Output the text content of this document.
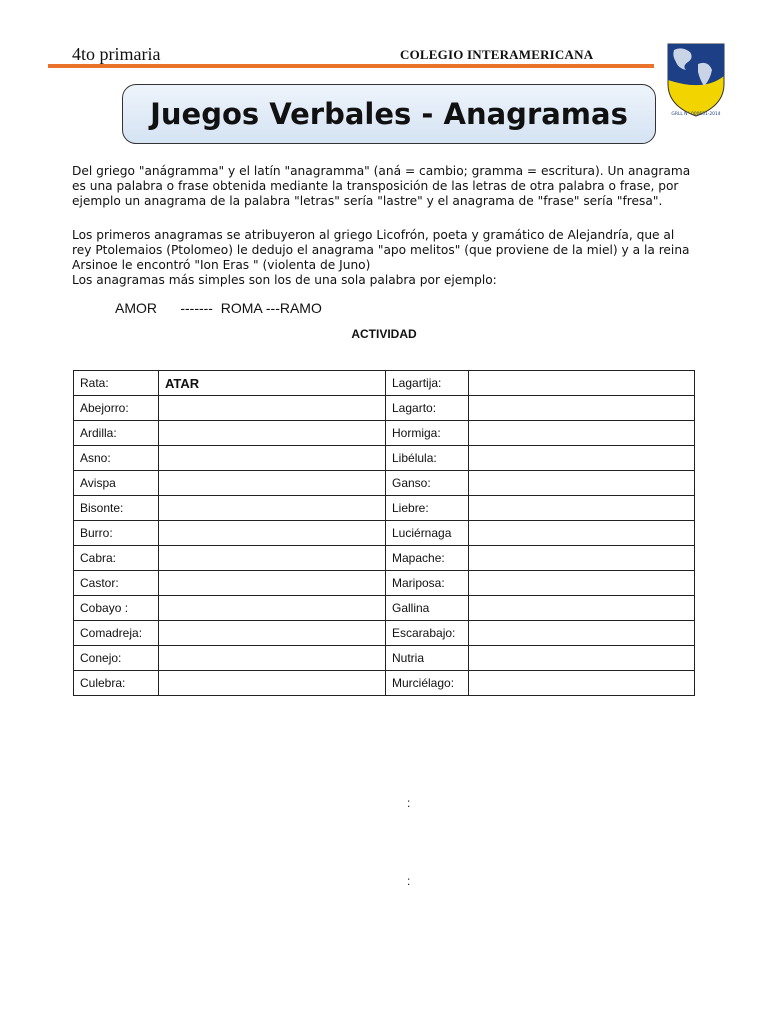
4to primaria	COLEGIO INTERAMERICANA
GRLL N° 000651-2014
Juegos Verbales - Anagramas
Del griego "anágramma" y el latín "anagramma" (aná = cambio; gramma = escritura). Un anagrama
es una palabra o frase obtenida mediante la transposición de las letras de otra palabra o frase, por
ejemplo un anagrama de la palabra "letras" sería "lastre" y el anagrama de "frase" sería "fresa".
Los primeros anagramas se atribuyeron al griego Licofrón, poeta y gramático de Alejandría, que al
rey Ptolemaios (Ptolomeo) le dedujo el anagrama "apo melitos" (que proviene de la miel) y a la reina
Arsinoe le encontró "Ion Eras " (violenta de Juno)
Los anagramas más simples son los de una sola palabra por ejemplo:
AMOR      -------  ROMA ---RAMO
ACTIVIDAD
Rata:	ATAR	Lagartija:	
Abejorro:		Lagarto:	
Ardilla:		Hormiga:	
Asno:		Libélula:	
Avispa		Ganso:	
Bisonte:		Liebre:	
Burro:		Luciérnaga	
Cabra:		Mapache:	
Castor:		Mariposa:	
Cobayo :		Gallina	
Comadreja:		Escarabajo:	
Conejo:		Nutria	
Culebra:		Murciélago:	
:
:
